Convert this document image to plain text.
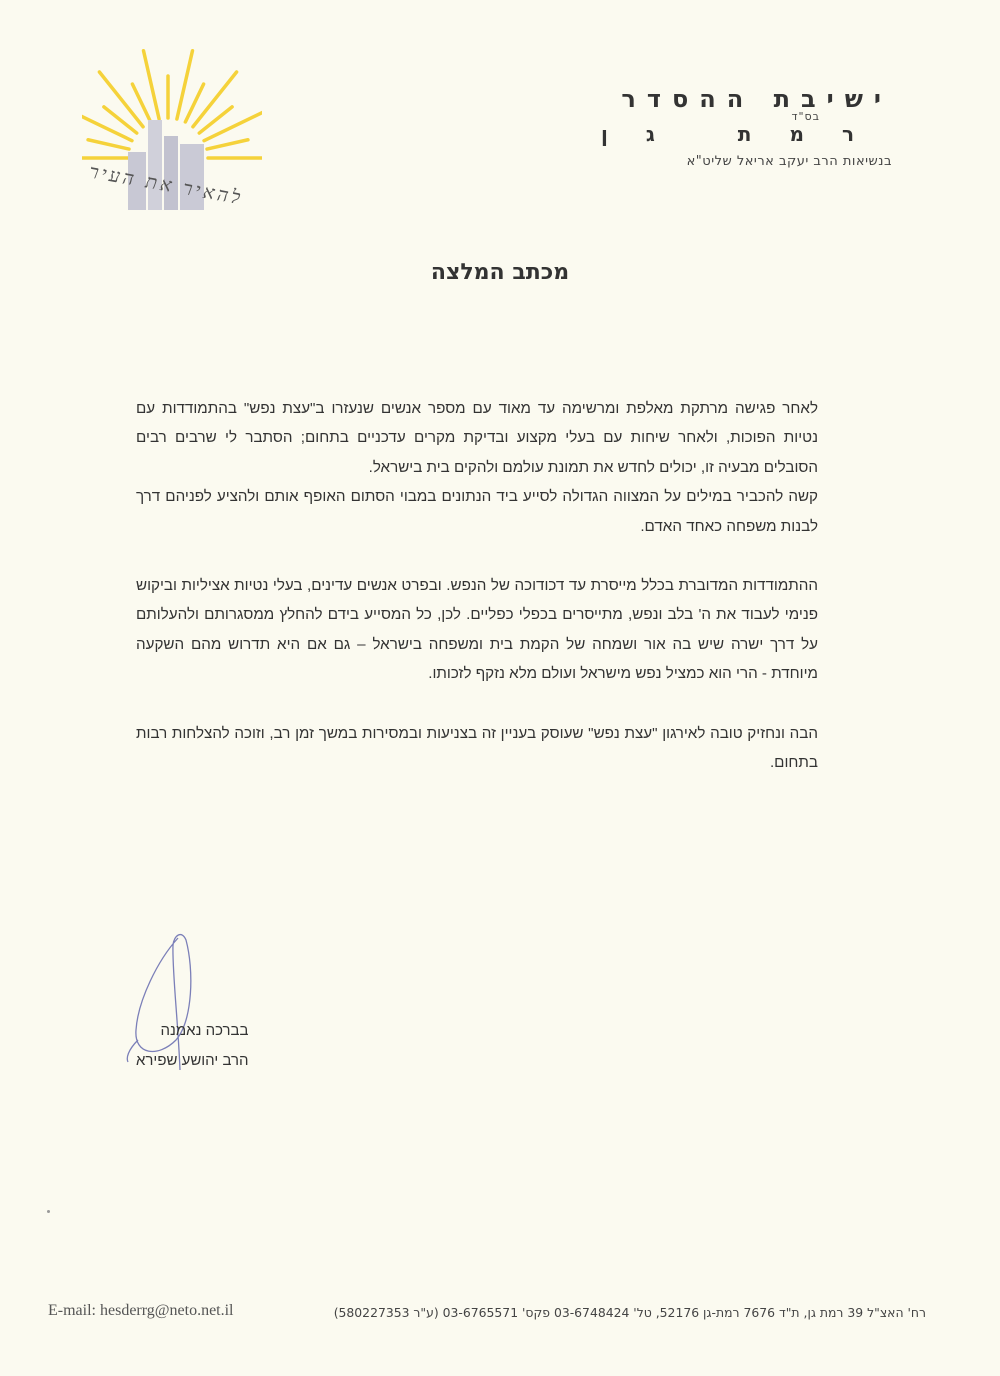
להאיר את העיר
ישיבת ההסדר
בס"ד
רמת גן
בנשיאות הרב יעקב אריאל שליט"א
מכתב המלצה

לאחר פגישה מרתקת מאלפת ומרשימה עד מאוד עם מספר אנשים שנעזרו ב"עצת נפש" בהתמודדות עם נטיות הפוכות, ולאחר שיחות עם בעלי מקצוע ובדיקת מקרים עדכניים בתחום; הסתבר לי שרבים רבים הסובלים מבעיה זו, יכולים לחדש את תמונת עולמם ולהקים בית בישראל.

קשה להכביר במילים על המצווה הגדולה לסייע ביד הנתונים במבוי הסתום האופף אותם ולהציע לפניהם דרך לבנות משפחה כאחד האדם.

ההתמודדות המדוברת בכלל מייסרת עד דכודוכה של הנפש. ובפרט אנשים עדינים, בעלי נטיות אציליות וביקוש פנימי לעבוד את ה' בלב ונפש, מתייסרים בכפלי כפליים. לכן, כל המסייע בידם להחלץ ממסגרותם ולהעלותם על דרך ישרה שיש בה אור ושמחה של הקמת בית ומשפחה בישראל – גם אם היא תדרוש מהם השקעה מיוחדת - הרי הוא כמציל נפש מישראל ועולם מלא נזקף לזכותו.

הבה ונחזיק טובה לאירגון "עצת נפש" שעוסק בעניין זה בצניעות ובמסירות במשך זמן רב, וזוכה להצלחות רבות בתחום.

בברכה נאמנה
הרב יהושע שפירא
E-mail: hesderrg@neto.net.il	רח' האצ"ל 39 רמת גן, ת"ד 7676 רמת-גן 52176, טל' 03-6748424 פקס' 03-6765571 (ע"ר 580227353)
